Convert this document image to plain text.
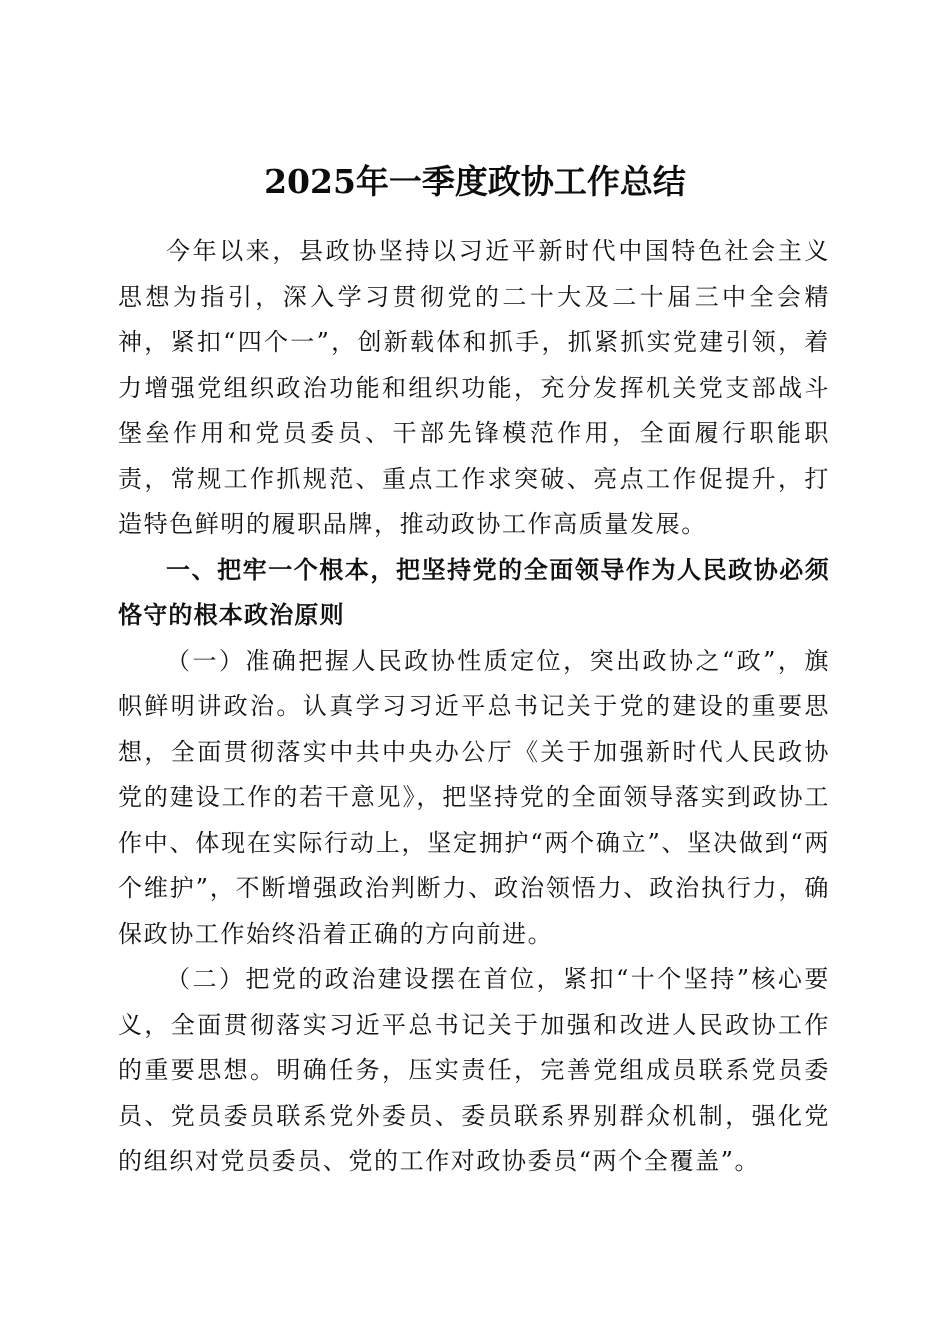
2025年一季度政协工作总结

今年以来，县政协坚持以习近平新时代中国特色社会主义思想为指引，深入学习贯彻党的二十大及二十届三中全会精神，紧扣“四个一”，创新载体和抓手，抓紧抓实党建引领，着力增强党组织政治功能和组织功能，充分发挥机关党支部战斗堡垒作用和党员委员、干部先锋模范作用，全面履行职能职责，常规工作抓规范、重点工作求突破、亮点工作促提升，打造特色鲜明的履职品牌，推动政协工作高质量发展。

一、把牢一个根本，把坚持党的全面领导作为人民政协必须恪守的根本政治原则

（一）准确把握人民政协性质定位，突出政协之“政”，旗帜鲜明讲政治。认真学习习近平总书记关于党的建设的重要思想，全面贯彻落实中共中央办公厅《关于加强新时代人民政协党的建设工作的若干意见》，把坚持党的全面领导落实到政协工作中、体现在实际行动上，坚定拥护“两个确立”、坚决做到“两个维护”，不断增强政治判断力、政治领悟力、政治执行力，确保政协工作始终沿着正确的方向前进。

（二）把党的政治建设摆在首位，紧扣“十个坚持”核心要义，全面贯彻落实习近平总书记关于加强和改进人民政协工作的重要思想。明确任务，压实责任，完善党组成员联系党员委员、党员委员联系党外委员、委员联系界别群众机制，强化党的组织对党员委员、党的工作对政协委员“两个全覆盖”。
